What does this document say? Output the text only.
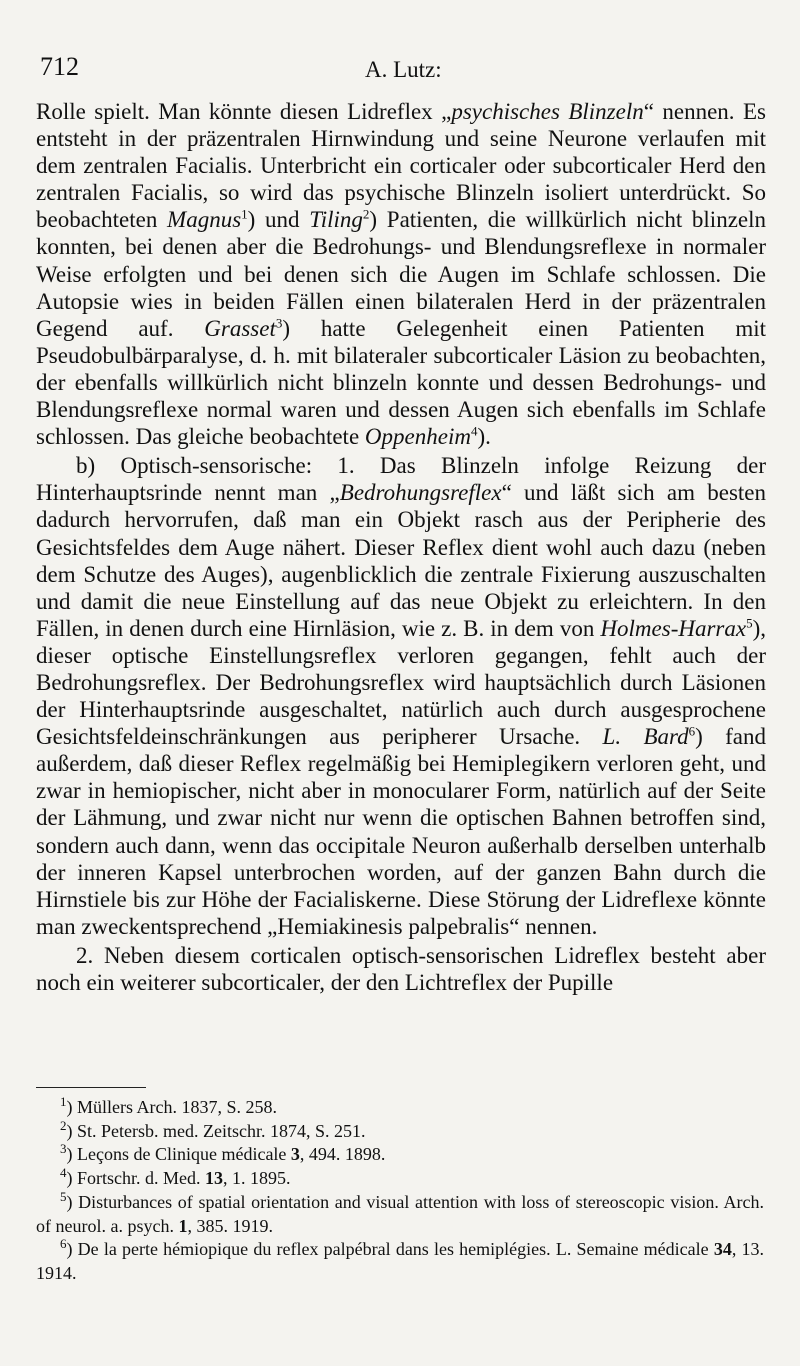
712	A. Lutz:

Rolle spielt. Man könnte diesen Lidreflex „psychisches Blinzeln“ nennen. Es entsteht in der präzentralen Hirnwindung und seine Neurone verlaufen mit dem zentralen Facialis. Unterbricht ein corticaler oder subcorticaler Herd den zentralen Facialis, so wird das psychische Blinzeln isoliert unterdrückt. So beobachteten Magnus$^1$) und Tiling$^2$) Patienten, die willkürlich nicht blinzeln konnten, bei denen aber die Bedrohungs- und Blendungsreflexe in normaler Weise erfolgten und bei denen sich die Augen im Schlafe schlossen. Die Autopsie wies in beiden Fällen einen bilateralen Herd in der präzentralen Gegend auf. Grasset$^3$) hatte Gelegenheit einen Patienten mit Pseudobulbärparalyse, d. h. mit bilateraler subcorticaler Läsion zu beobachten, der ebenfalls willkürlich nicht blinzeln konnte und dessen Bedrohungs- und Blendungsreflexe normal waren und dessen Augen sich ebenfalls im Schlafe schlossen. Das gleiche beobachtete Oppenheim$^4$).

b) Optisch-sensorische: 1. Das Blinzeln infolge Reizung der Hinterhauptsrinde nennt man „Bedrohungsreflex“ und läßt sich am besten dadurch hervorrufen, daß man ein Objekt rasch aus der Peripherie des Gesichtsfeldes dem Auge nähert. Dieser Reflex dient wohl auch dazu (neben dem Schutze des Auges), augenblicklich die zentrale Fixierung auszuschalten und damit die neue Einstellung auf das neue Objekt zu erleichtern. In den Fällen, in denen durch eine Hirnläsion, wie z. B. in dem von Holmes-Harrax$^5$), dieser optische Einstellungsreflex verloren gegangen, fehlt auch der Bedrohungsreflex. Der Bedrohungsreflex wird hauptsächlich durch Läsionen der Hinterhauptsrinde ausgeschaltet, natürlich auch durch ausgesprochene Gesichtsfeldeinschränkungen aus peripherer Ursache. L. Bard$^6$) fand außerdem, daß dieser Reflex regelmäßig bei Hemiplegikern verloren geht, und zwar in hemiopischer, nicht aber in monocularer Form, natürlich auf der Seite der Lähmung, und zwar nicht nur wenn die optischen Bahnen betroffen sind, sondern auch dann, wenn das occipitale Neuron außerhalb derselben unterhalb der inneren Kapsel unterbrochen worden, auf der ganzen Bahn durch die Hirnstiele bis zur Höhe der Facialiskerne. Diese Störung der Lidreflexe könnte man zweckentsprechend „Hemiakinesis palpebralis“ nennen.

2. Neben diesem corticalen optisch-sensorischen Lidreflex besteht aber noch ein weiterer subcorticaler, der den Lichtreflex der Pupille

$^1$) Müllers Arch. 1837, S. 258.

$^2$) St. Petersb. med. Zeitschr. 1874, S. 251.

$^3$) Leçons de Clinique médicale 3, 494. 1898.

$^4$) Fortschr. d. Med. 13, 1. 1895.

$^5$) Disturbances of spatial orientation and visual attention with loss of stereoscopic vision. Arch. of neurol. a. psych. 1, 385. 1919.

$^6$) De la perte hémiopique du reflex palpébral dans les hemiplégies. L. Semaine médicale 34, 13. 1914.
